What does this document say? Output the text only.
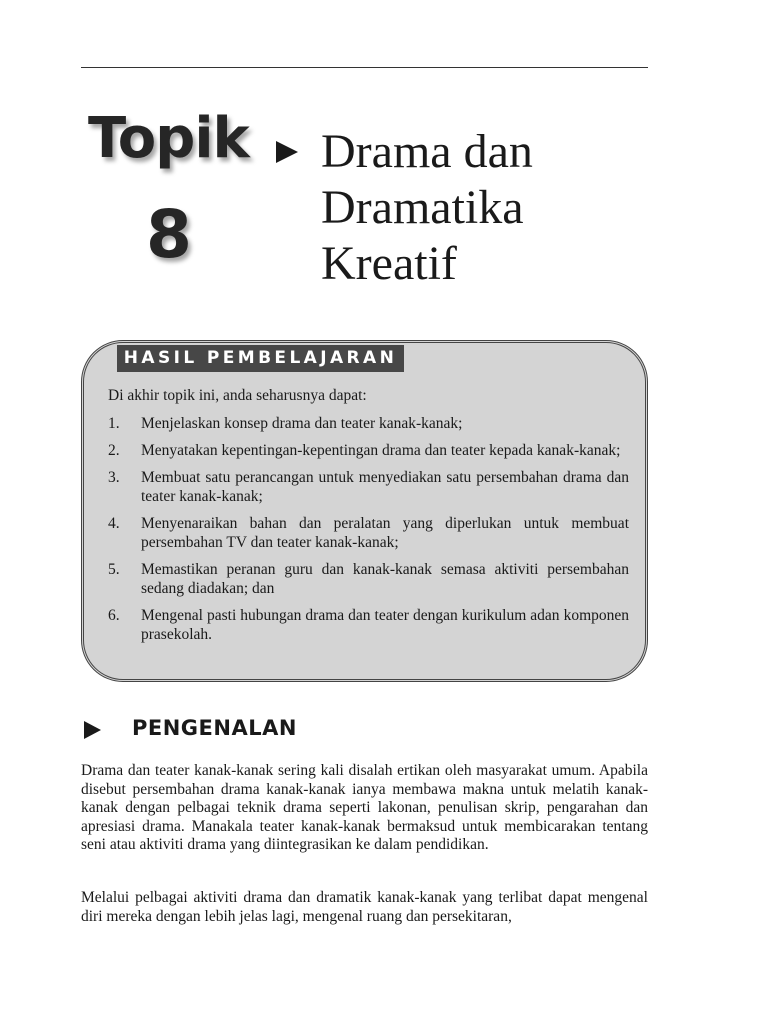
Topik
8
Drama dan
Dramatika
Kreatif
HASIL PEMBELAJARAN
Di akhir topik ini, anda seharusnya dapat:
1. Menjelaskan konsep drama dan teater kanak-kanak;
2. Menyatakan kepentingan-kepentingan drama dan teater kepada kanak-kanak;
3. Membuat satu perancangan untuk menyediakan satu persembahan drama dan teater kanak-kanak;
4. Menyenaraikan bahan dan peralatan yang diperlukan untuk membuat persembahan TV dan teater kanak-kanak;
5. Memastikan peranan guru dan kanak-kanak semasa aktiviti persembahan sedang diadakan; dan
6. Mengenal pasti hubungan drama dan teater dengan kurikulum adan komponen prasekolah.
PENGENALAN

Drama dan teater kanak-kanak sering kali disalah ertikan oleh masyarakat umum. Apabila disebut persembahan drama kanak-kanak ianya membawa makna untuk melatih kanak-kanak dengan pelbagai teknik drama seperti lakonan, penulisan skrip, pengarahan dan apresiasi drama. Manakala teater kanak-kanak bermaksud untuk membicarakan tentang seni atau aktiviti drama yang diintegrasikan ke dalam pendidikan.

Melalui pelbagai aktiviti drama dan dramatik kanak-kanak yang terlibat dapat mengenal diri mereka dengan lebih jelas lagi, mengenal ruang dan persekitaran,
